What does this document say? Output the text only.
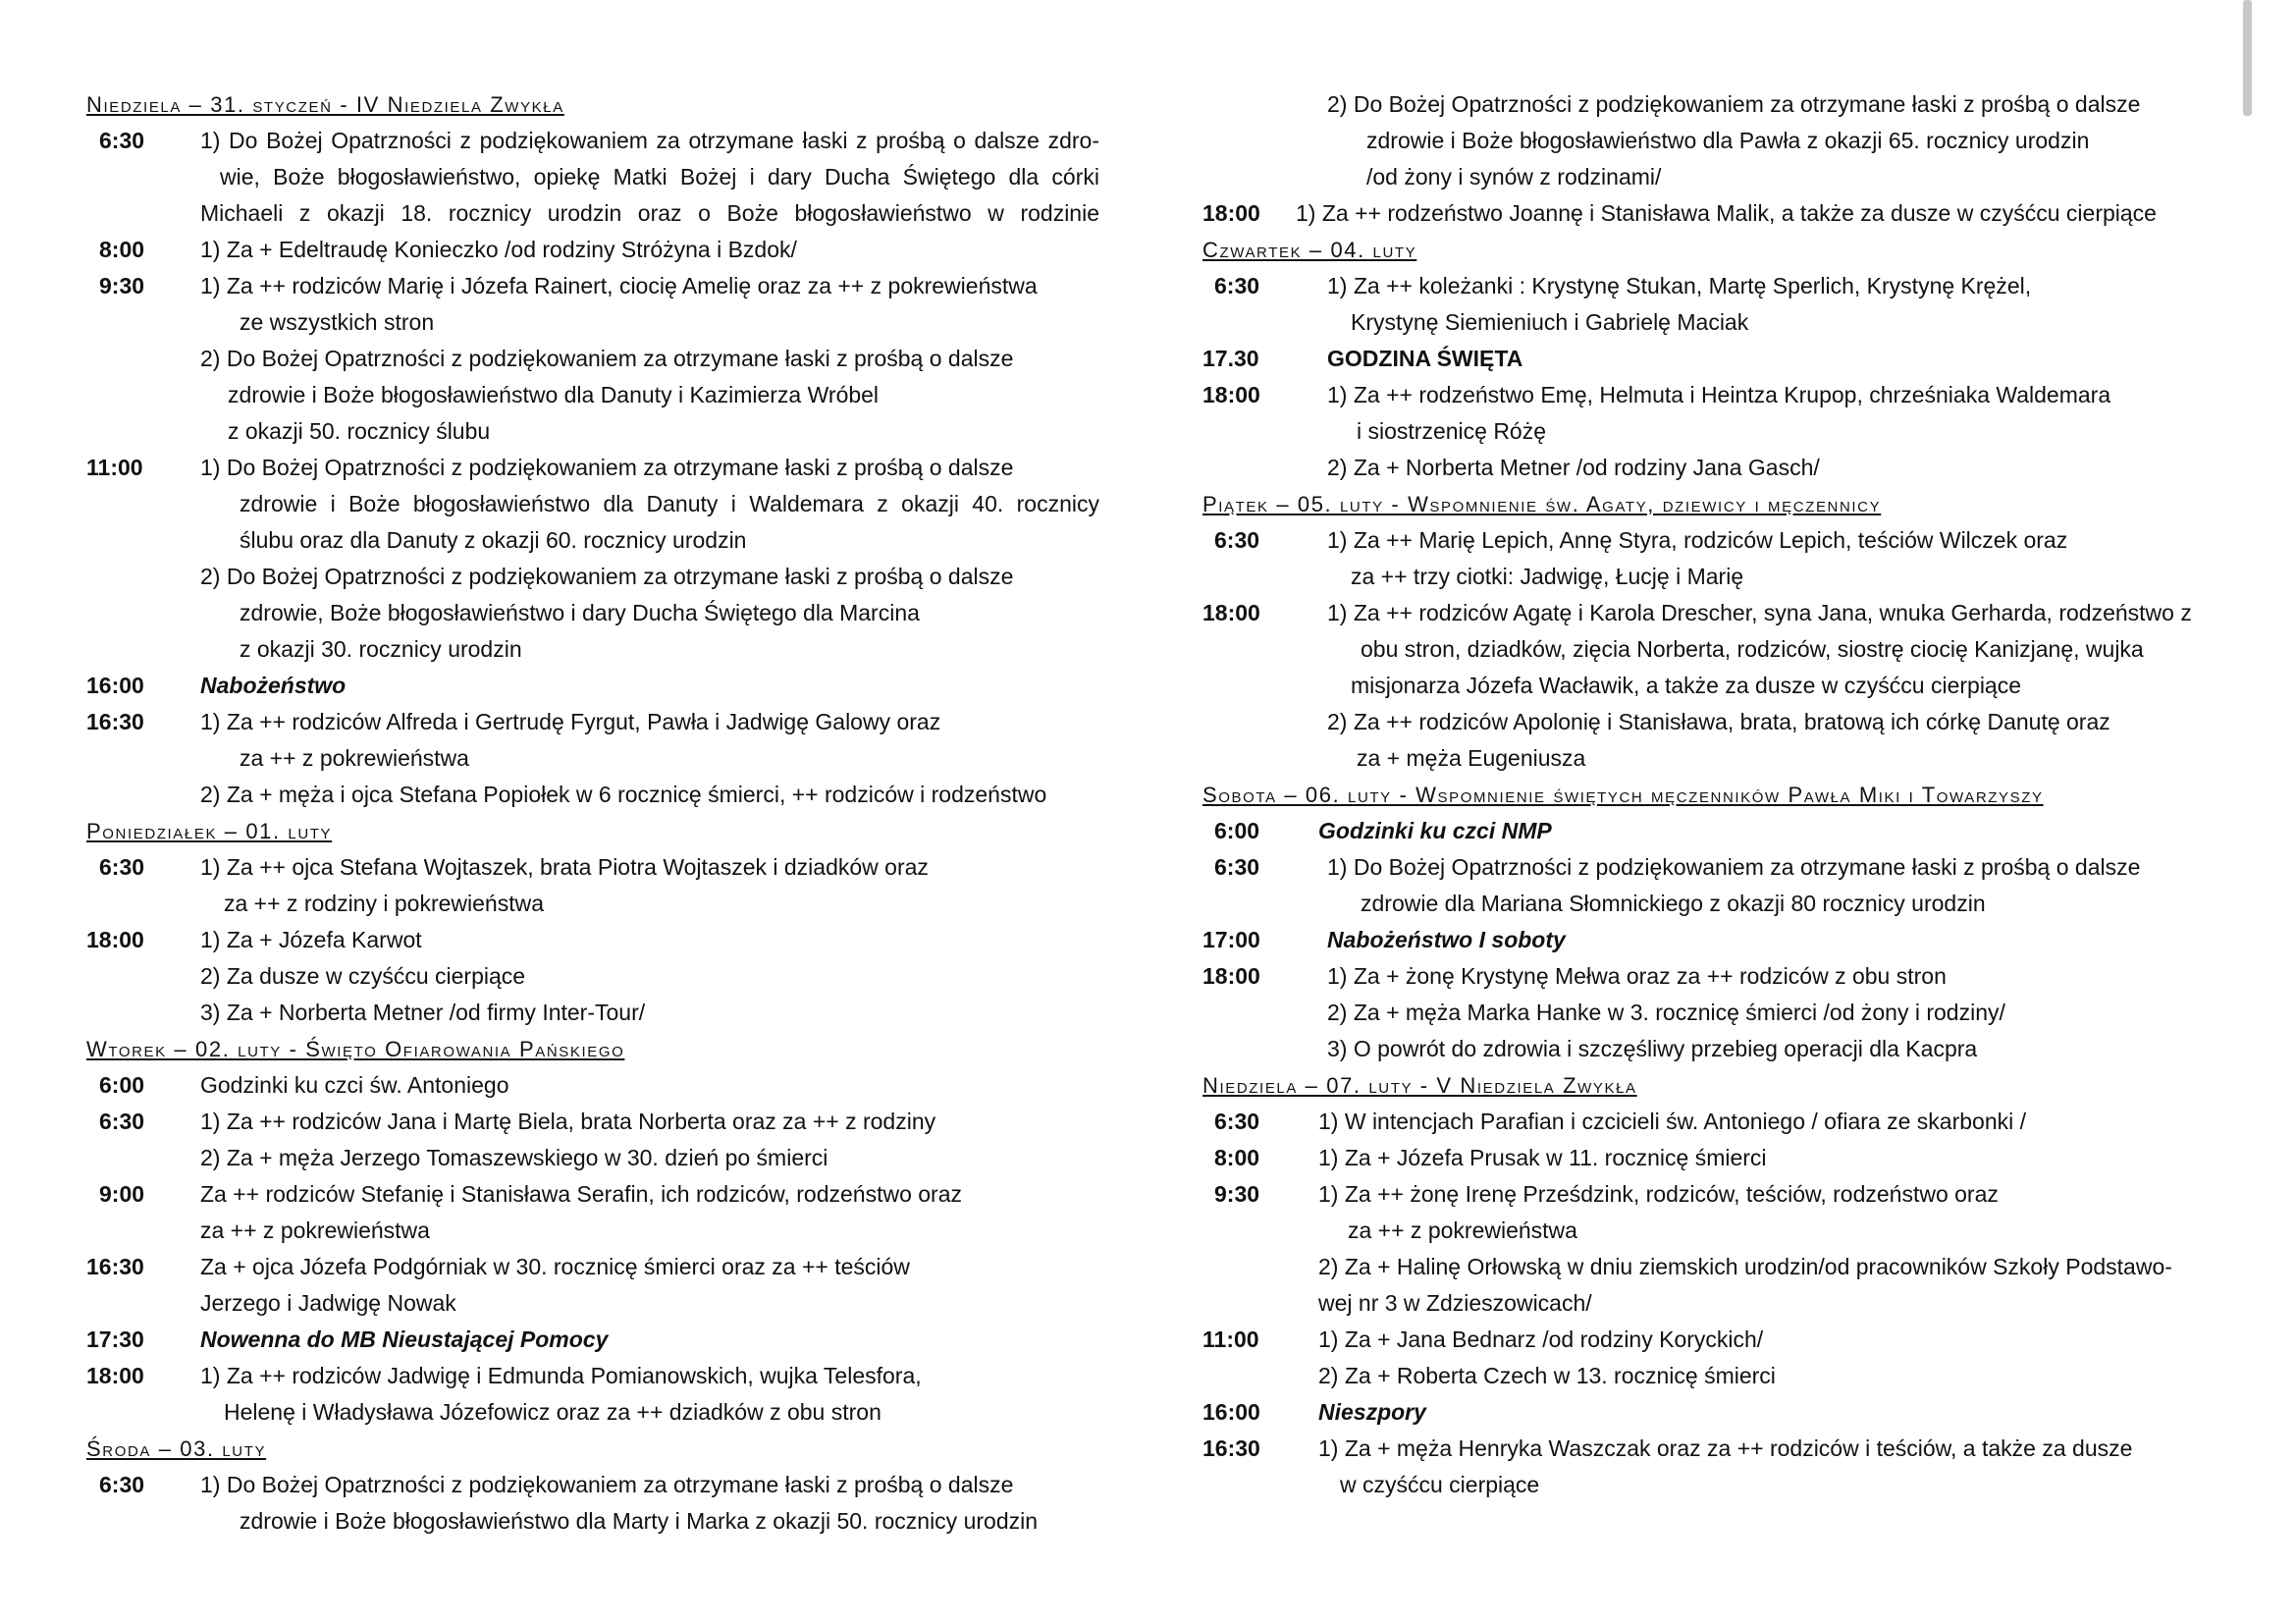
Niedziela – 31. styczeń - IV Niedziela Zwykła
6:30 1) Do Bożej Opatrzności z podziękowaniem za otrzymane łaski z prośbą o dalsze zdro-
wie, Boże błogosławieństwo, opiekę Matki Bożej i dary Ducha Świętego dla córki
Michaeli z okazji 18. rocznicy urodzin oraz o Boże błogosławieństwo w rodzinie
8:00 1) Za + Edeltraudę Konieczko /od rodziny Stróżyna i Bzdok/
9:30 1) Za ++ rodziców Marię i Józefa Rainert, ciocię Amelię oraz za ++ z pokrewieństwa
ze wszystkich stron
2) Do Bożej Opatrzności z podziękowaniem za otrzymane łaski z prośbą o dalsze
zdrowie i Boże błogosławieństwo dla Danuty i Kazimierza Wróbel
z okazji 50. rocznicy ślubu
11:00	1) Do Bożej Opatrzności z podziękowaniem za otrzymane łaski z prośbą o dalsze
zdrowie i Boże błogosławieństwo dla Danuty i Waldemara z okazji 40. rocznicy
ślubu oraz dla Danuty z okazji 60. rocznicy urodzin
2) Do Bożej Opatrzności z podziękowaniem za otrzymane łaski z prośbą o dalsze
zdrowie, Boże błogosławieństwo i dary Ducha Świętego dla Marcina
z okazji 30. rocznicy urodzin
16:00 Nabożeństwo
16:30 1) Za ++ rodziców Alfreda i Gertrudę Fyrgut, Pawła i Jadwigę Galowy oraz
za ++ z pokrewieństwa
2) Za + męża i ojca Stefana Popiołek w 6 rocznicę śmierci, ++ rodziców i rodzeństwo
Poniedziałek – 01. luty
6:30 1) Za ++ ojca Stefana Wojtaszek, brata Piotra Wojtaszek i dziadków oraz
za ++ z rodziny i pokrewieństwa
18:00 1) Za + Józefa Karwot
2) Za dusze w czyśćcu cierpiące
3) Za + Norberta Metner /od firmy Inter-Tour/
Wtorek – 02. luty - Święto Ofiarowania Pańskiego
6:00 Godzinki ku czci św. Antoniego
6:30 1) Za ++ rodziców Jana i Martę Biela, brata Norberta oraz za ++ z rodziny
2) Za + męża Jerzego Tomaszewskiego w 30. dzień po śmierci
9:00 Za ++ rodziców Stefanię i Stanisława Serafin, ich rodziców, rodzeństwo oraz
za ++ z pokrewieństwa
16:30 Za + ojca Józefa Podgórniak w 30. rocznicę śmierci oraz za ++ teściów
Jerzego i Jadwigę Nowak
17:30 Nowenna do MB Nieustającej Pomocy
18:00 1) Za ++ rodziców Jadwigę i Edmunda Pomianowskich, wujka Telesfora,
Helenę i Władysława Józefowicz oraz za ++ dziadków z obu stron
Środa – 03. luty
6:30 1) Do Bożej Opatrzności z podziękowaniem za otrzymane łaski z prośbą o dalsze
zdrowie i Boże błogosławieństwo dla Marty i Marka z okazji 50. rocznicy urodzin
2) Do Bożej Opatrzności z podziękowaniem za otrzymane łaski z prośbą o dalsze
zdrowie i Boże błogosławieństwo dla Pawła z okazji 65. rocznicy urodzin
/od żony i synów z rodzinami/
18:00 1) Za ++ rodzeństwo Joannę i Stanisława Malik, a także za dusze w czyśćcu cierpiące
Czwartek – 04. luty
6:30	1) Za ++ koleżanki : Krystynę Stukan, Martę Sperlich, Krystynę Krężel,
Krystynę Siemieniuch i Gabrielę Maciak
17.30	GODZINA ŚWIĘTA
18:00	1) Za ++ rodzeństwo Emę, Helmuta i Heintza Krupop, chrześniaka Waldemara
i siostrzenicę Różę
2) Za + Norberta Metner /od rodziny Jana Gasch/
Piątek – 05. luty - Wspomnienie św. Agaty, dziewicy i męczennicy
6:30	1) Za ++ Marię Lepich, Annę Styra, rodziców Lepich, teściów Wilczek oraz
za ++ trzy ciotki: Jadwigę, Łucję i Marię
18:00	1) Za ++ rodziców Agatę i Karola Drescher, syna Jana, wnuka Gerharda, rodzeństwo z
obu stron, dziadków, zięcia Norberta, rodziców, siostrę ciocię Kanizjanę, wujka
misjonarza Józefa Wacławik, a także za dusze w czyśćcu cierpiące
2) Za ++ rodziców Apolonię i Stanisława, brata, bratową ich córkę Danutę oraz
za + męża Eugeniusza
Sobota – 06. luty - Wspomnienie świętych męczenników Pawła Miki i Towarzyszy
6:00	Godzinki ku czci NMP
6:30	1) Do Bożej Opatrzności z podziękowaniem za otrzymane łaski z prośbą o dalsze
zdrowie dla Mariana Słomnickiego z okazji 80 rocznicy urodzin
17:00	Nabożeństwo I soboty
18:00	1) Za + żonę Krystynę Mełwa oraz za ++ rodziców z obu stron
2) Za + męża Marka Hanke w 3. rocznicę śmierci /od żony i rodziny/
3) O powrót do zdrowia i szczęśliwy przebieg operacji dla Kacpra
Niedziela – 07. luty - V Niedziela Zwykła
6:30	1) W intencjach Parafian i czcicieli św. Antoniego / ofiara ze skarbonki /
8:00	1) Za + Józefa Prusak w 11. rocznicę śmierci
9:30	1) Za ++ żonę Irenę Prześdzink, rodziców, teściów, rodzeństwo oraz
za ++ z pokrewieństwa
2) Za + Halinę Orłowską w dniu ziemskich urodzin/od pracowników Szkoły Podstawo-
wej nr 3 w Zdzieszowicach/
11:00	1) Za + Jana Bednarz /od rodziny Koryckich/
2) Za + Roberta Czech w 13. rocznicę śmierci
16:00	Nieszpory
16:30	1) Za + męża Henryka Waszczak oraz za ++ rodziców i teściów, a także za dusze
w czyśćcu cierpiące
